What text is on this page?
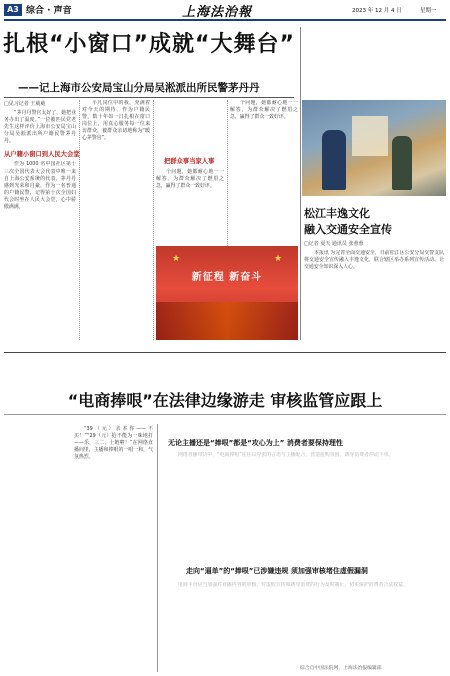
A3 综合 · 声音	上海法治報	2023 年 12 月 4 日	星期一
扎根“小窗口”成就“大舞台”
——记上海市公安局宝山分局吴淞派出所民警茅丹丹
□见习记者 王葳葳
“茅丹丹警官太好了，她把业务办出了温度。”一位被匹民党老先生这样评价上海市公安局宝山分局吴淞派出所户籍民警茅丹丹。
从户籍小窗口到人民大会堂
作为 1000 名中国社区第十三次全国代表大会代表中唯一来自上海公安系统的代表，茅丹丹感到光荣和自豪，作为一名普通的户籍民警，记得第十次全国妇代会时坐在人民大会堂，心中骄傲满满。
平凡岗位中的我，充满着对今天的期待，作为户籍民警，数十年如一日扎根在窗口岗位上，用真心服务每一位来访群众，被群众亲切地称为“暖心茅警官”。
把群众事当家人事
个问题，她都耐心地一一解答，为群众解决了燃眉之急，赢得了群众一致好评。
个问题，她都耐心地一一解答，为群众解决了燃眉之急，赢得了群众一致好评。
新征程 新奋斗
★	★
松江丰逸文化
融入交通安全宣传
□记者 夏天 通讯员 张蓉蓉
本报讯 为完善全面交通安全，日前松江区公安分局交警支队将交通安全宣传融入丰逸文化，联合辖区举办系列宣传活动，让交通安全知识深入人心。
“电商捧哏”在法律边缘游走 审核监管应跟上
“39（元）亲本你——不买！”“29（元）抢不能为一味地打——乐，三二，上链啦！”在网络直播间里，主播和捧哏的一唱一和，气氛热烈。
无论主播还是“捧哏”都是“攻心为上” 消费者要保持理性
网络直播带货中，“电商捧哏”往往以夸张的言语与主播配合，营造抢购氛围，诱导消费者冲动下单。
走向“逼单”的“捧哏”已涉嫌违规 须加强审核堵住虚假漏洞
电商平台应当加强对直播内容的审核，对虚假宣传和诱导消费的行为及时制止，切实保护消费者合法权益。
综合自中国法院网、上海法治报编辑部
